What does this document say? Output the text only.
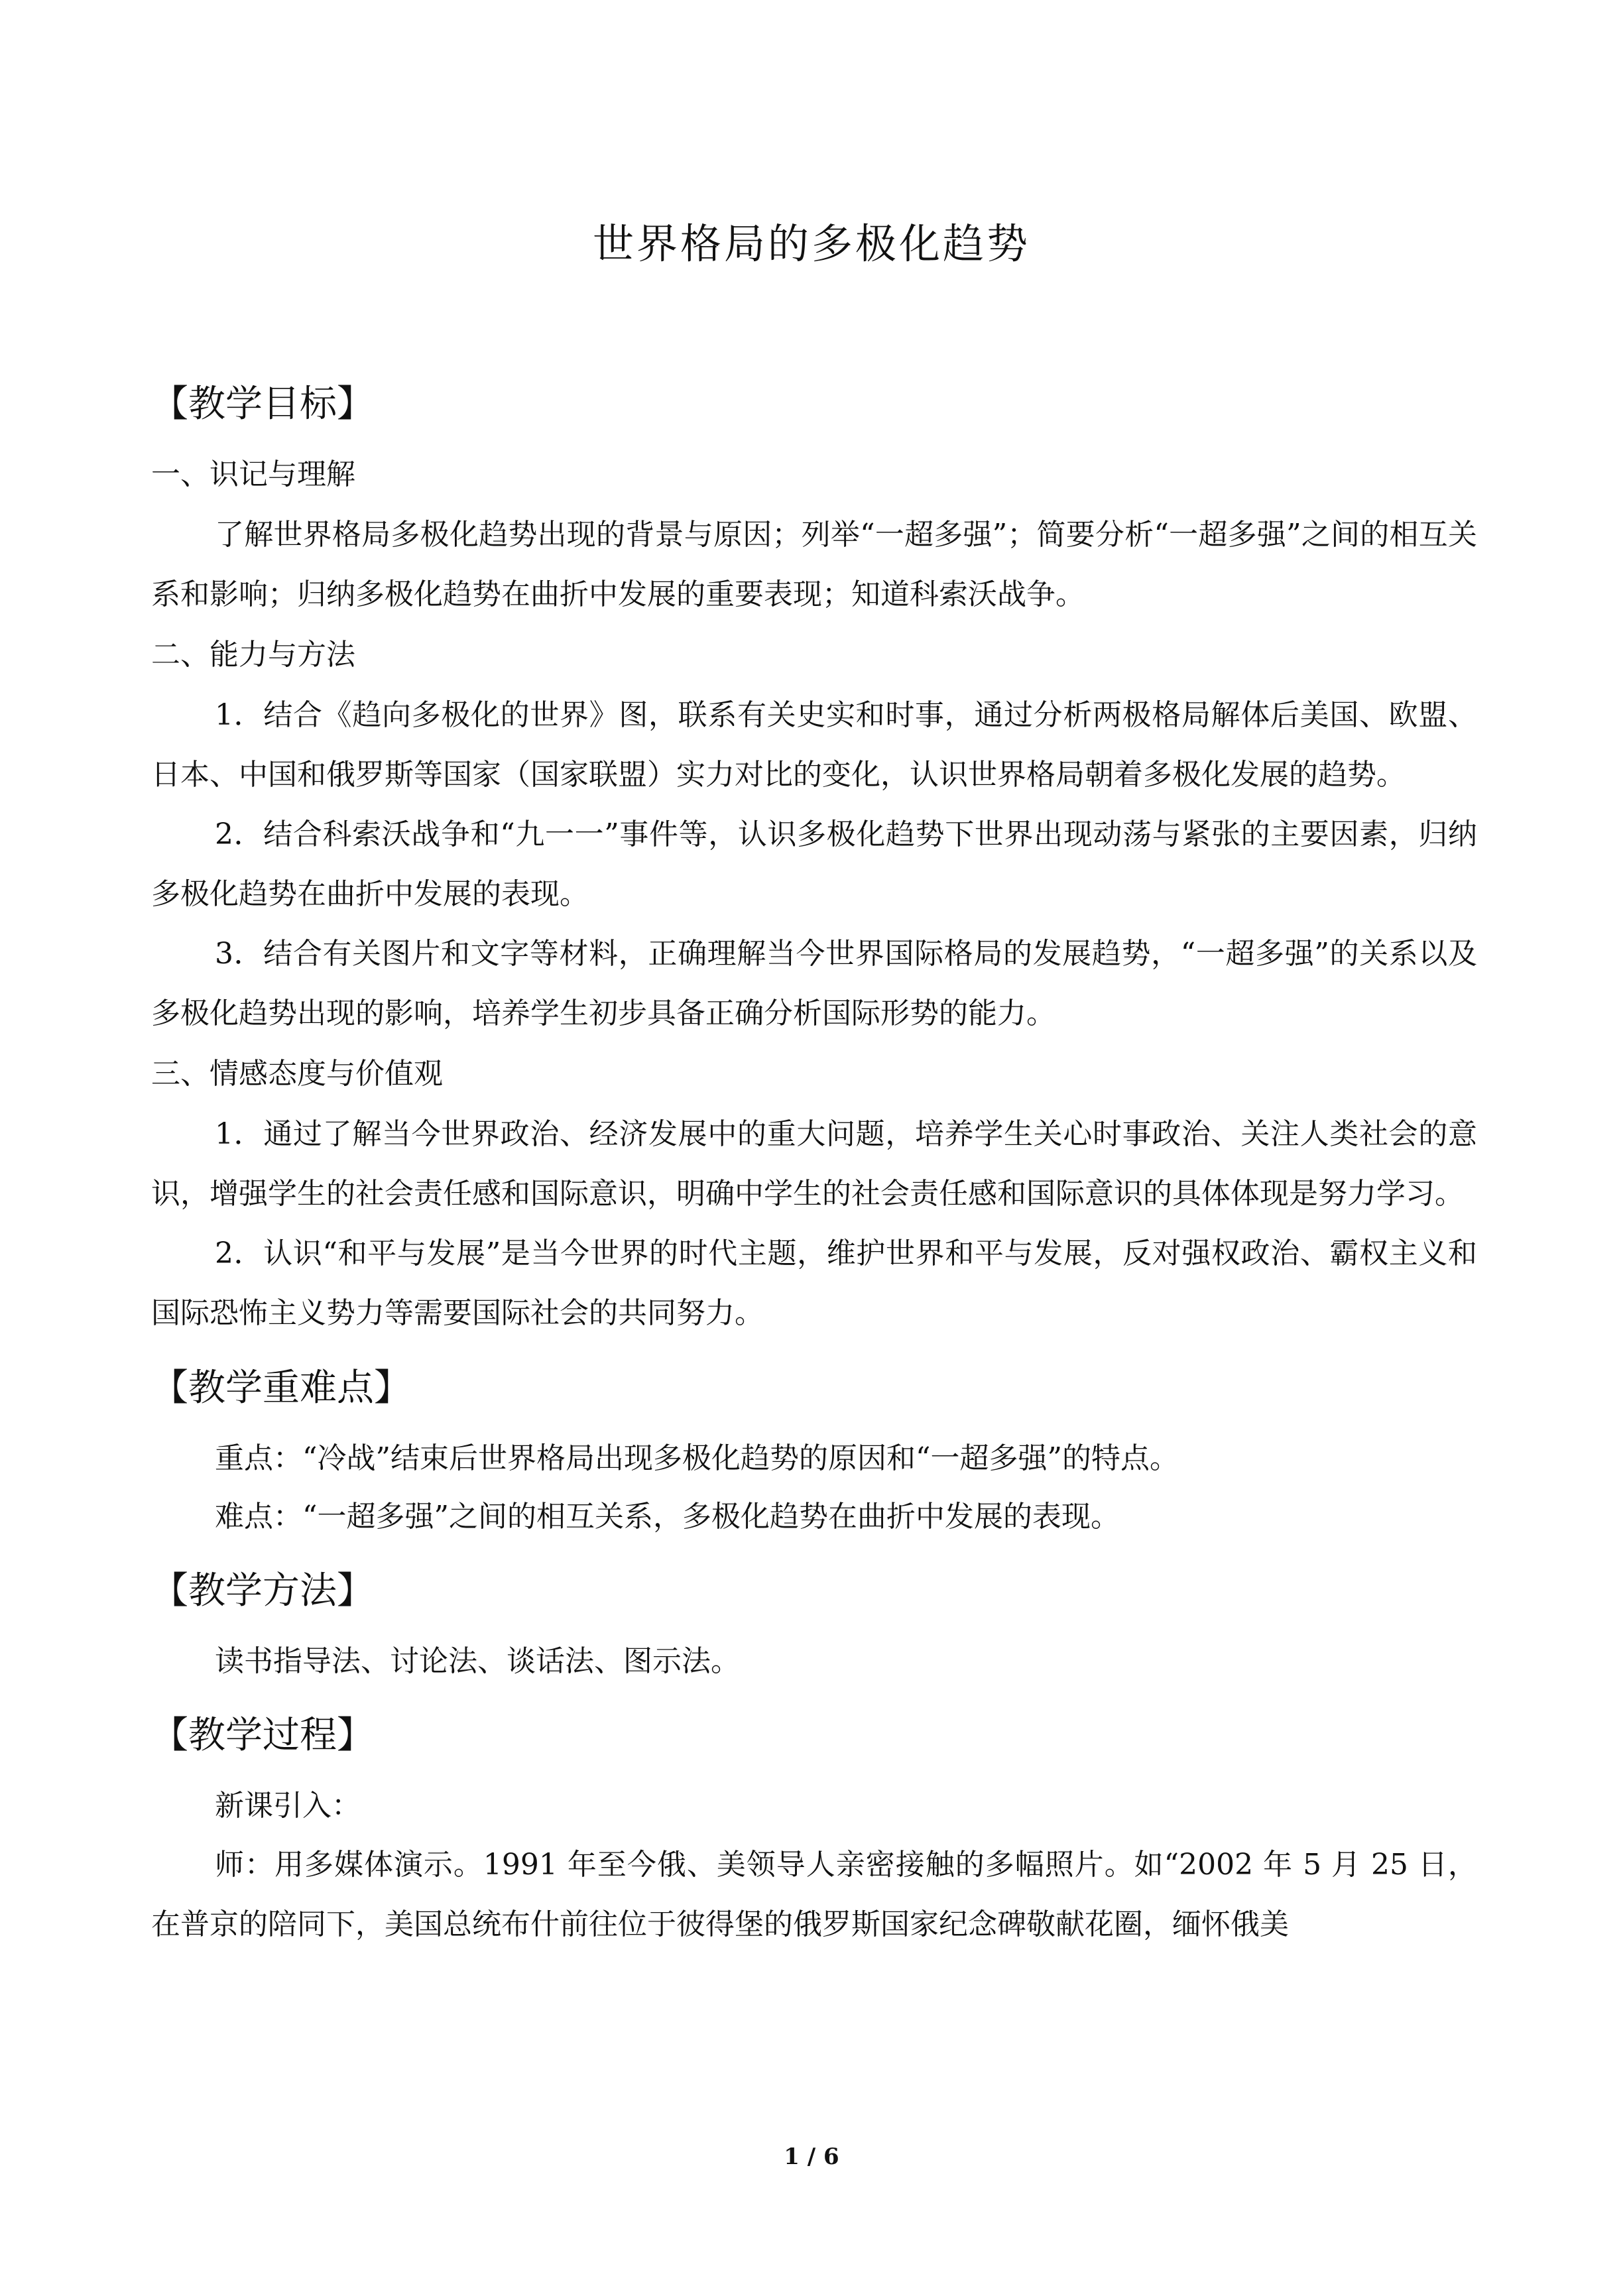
世界格局的多极化趋势
【教学目标】
一、识记与理解

了解世界格局多极化趋势出现的背景与原因；列举“一超多强”；简要分析“一超多强”之间的相互关系和影响；归纳多极化趋势在曲折中发展的重要表现；知道科索沃战争。

二、能力与方法

1．结合《趋向多极化的世界》图，联系有关史实和时事，通过分析两极格局解体后美国、欧盟、日本、中国和俄罗斯等国家（国家联盟）实力对比的变化，认识世界格局朝着多极化发展的趋势。

2．结合科索沃战争和“九一一”事件等，认识多极化趋势下世界出现动荡与紧张的主要因素，归纳多极化趋势在曲折中发展的表现。

3．结合有关图片和文字等材料，正确理解当今世界国际格局的发展趋势，“一超多强”的关系以及多极化趋势出现的影响，培养学生初步具备正确分析国际形势的能力。

三、情感态度与价值观

1．通过了解当今世界政治、经济发展中的重大问题，培养学生关心时事政治、关注人类社会的意识，增强学生的社会责任感和国际意识，明确中学生的社会责任感和国际意识的具体体现是努力学习。

2．认识“和平与发展”是当今世界的时代主题，维护世界和平与发展，反对强权政治、霸权主义和国际恐怖主义势力等需要国际社会的共同努力。

【教学重难点】
重点：“冷战”结束后世界格局出现多极化趋势的原因和“一超多强”的特点。
难点：“一超多强”之间的相互关系，多极化趋势在曲折中发展的表现。
【教学方法】
读书指导法、讨论法、谈话法、图示法。
【教学过程】
新课引入：

师：用多媒体演示。1991 年至今俄、美领导人亲密接触的多幅照片。如“2002 年 5 月 25 日，在普京的陪同下，美国总统布什前往位于彼得堡的俄罗斯国家纪念碑敬献花圈，缅怀俄美

1 / 6
